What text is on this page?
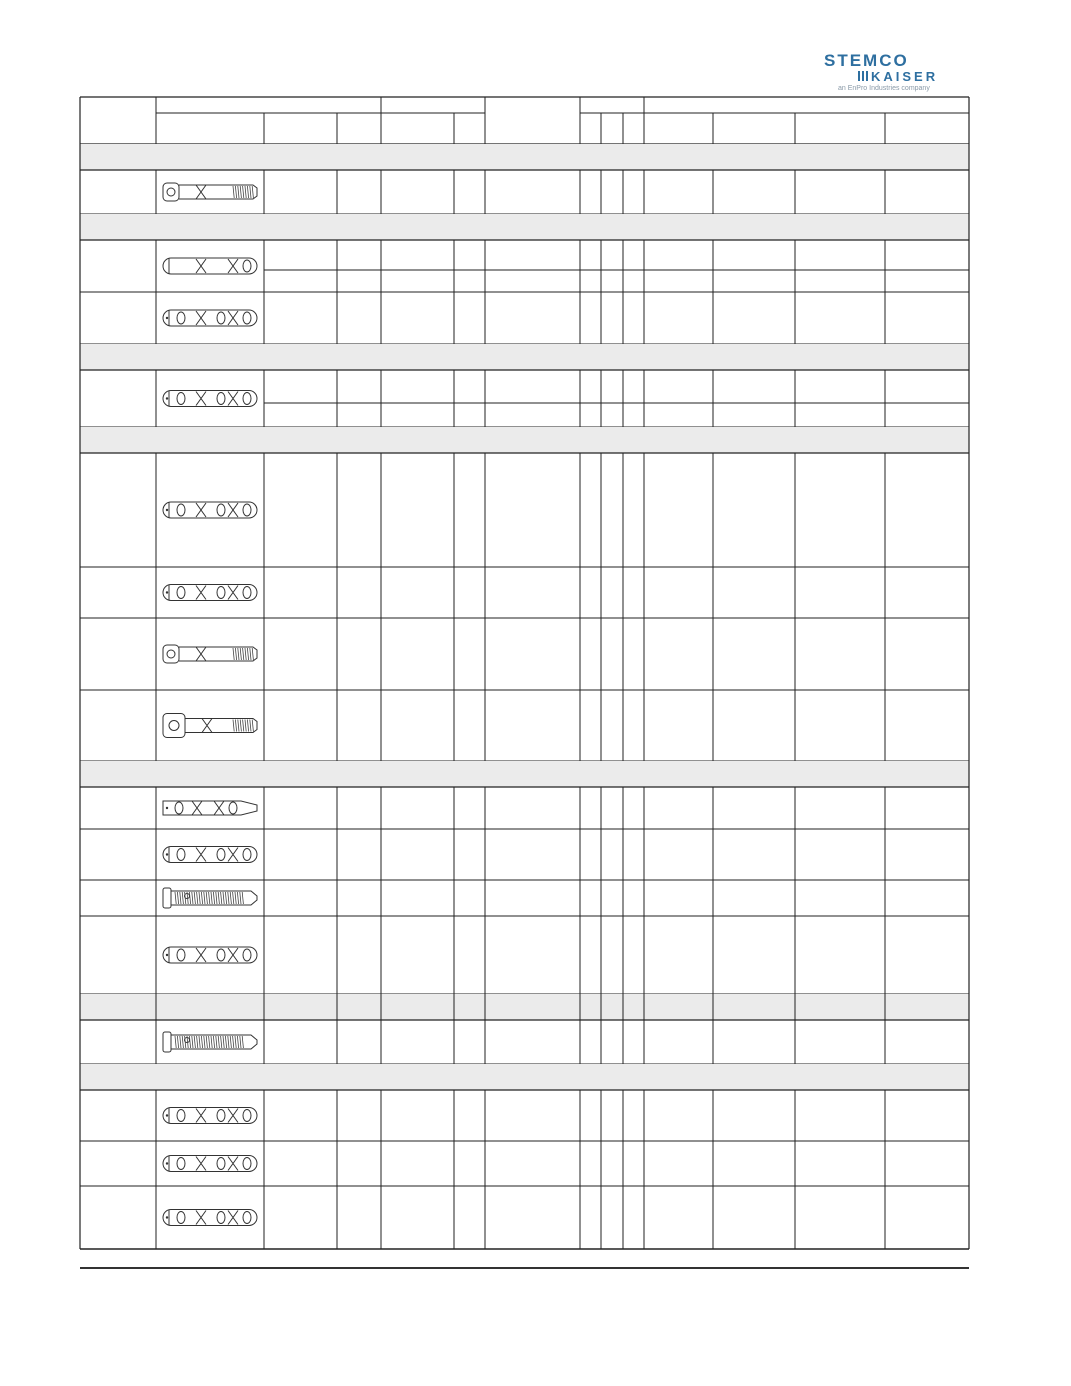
STEMCO
KAISER
an EnPro Industries company
